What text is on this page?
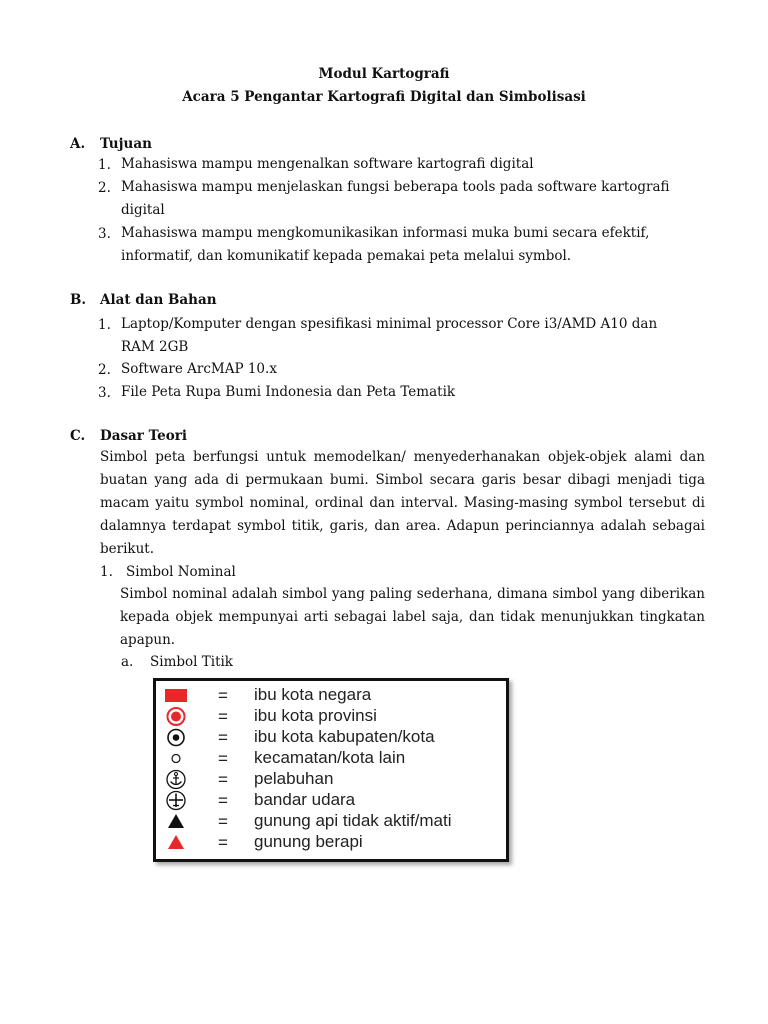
Modul Kartografi
Acara 5 Pengantar Kartografi Digital dan Simbolisasi
A. Tujuan
1. Mahasiswa mampu mengenalkan software kartografi digital
2. Mahasiswa mampu menjelaskan fungsi beberapa tools pada software kartografi
digital
3. Mahasiswa mampu mengkomunikasikan informasi muka bumi secara efektif,
informatif, dan komunikatif kepada pemakai peta melalui symbol.
B. Alat dan Bahan
1. Laptop/Komputer dengan spesifikasi minimal processor Core i3/AMD A10 dan
RAM 2GB
2. Software ArcMAP 10.x
3. File Peta Rupa Bumi Indonesia dan Peta Tematik
C. Dasar Teori
Simbol peta berfungsi untuk memodelkan/ menyederhanakan objek-objek alami dan buatan yang ada di permukaan bumi. Simbol secara garis besar dibagi menjadi tiga macam yaitu symbol nominal, ordinal dan interval. Masing-masing symbol tersebut di dalamnya terdapat symbol titik, garis, dan area. Adapun perinciannya adalah sebagai berikut.
1. Simbol Nominal
Simbol nominal adalah simbol yang paling sederhana, dimana simbol yang diberikan kepada objek mempunyai arti sebagai label saja, dan tidak menunjukkan tingkatan apapun.
a. Simbol Titik
= ibu kota negara
= ibu kota provinsi
= ibu kota kabupaten/kota
= kecamatan/kota lain
= pelabuhan
= bandar udara
= gunung api tidak aktif/mati
= gunung berapi
